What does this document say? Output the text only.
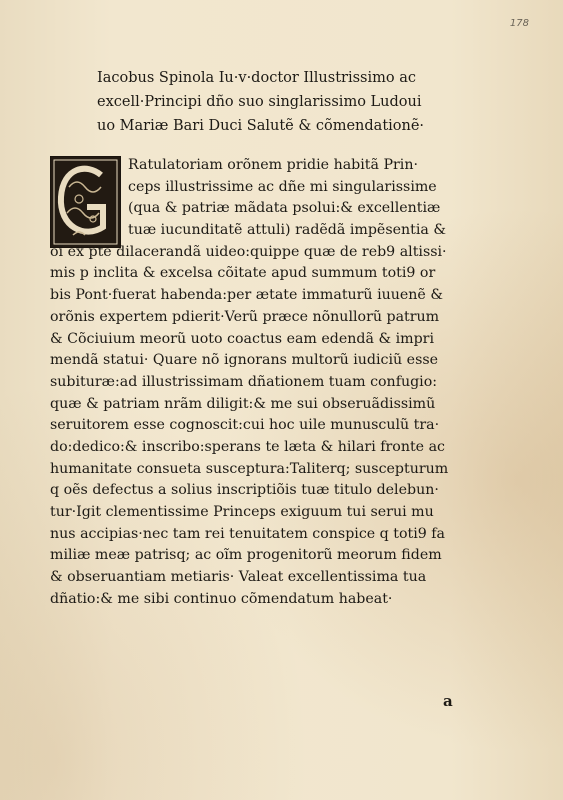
178
Iacobus Spinola Iu·v·doctor Illustrissimo ac
excell·Principi dño suo singlarissimo Ludoui
uo Mariæ Bari Duci Salutẽ & cõmendationẽ·
Ratulatoriam orõnem pridie habitã Prin·
ceps illustrissime ac dñe mi singularissime
(qua & patriæ mãdata psolui:& excellentiæ
tuæ iucunditatẽ attuli) radẽdã impẽsentia &
oĩ ex pte dilacerandã uideo:quippe quæ de reb9 altissi·
mis p inclita & excelsa cõitate apud summum toti9 or
bis Pont·fuerat habenda:per ætate immaturũ iuuenẽ &
orõnis expertem pdierit·Verũ præce nõnullorũ patrum
& Cõciuium meorũ uoto coactus eam edendã & impri
mendã statui· Quare nõ ignorans multorũ iudiciũ esse
subituræ:ad illustrissimam dñationem tuam confugio:
quæ & patriam nrãm diligit:& me sui obseruãdissimũ
seruitorem esse cognoscit:cui hoc uile munusculũ tra·
do:dedico:& inscribo:sperans te læta & hilari fronte ac
humanitate consueta susceptura:Taliterq; suscepturum
q oẽs defectus a solius inscriptiõis tuæ titulo delebun·
tur·Igit clementissime Princeps exiguum tui serui mu
nus accipias·nec tam rei tenuitatem conspice q toti9 fa
miliæ meæ patrisq; ac oĩm progenitorũ meorum fidem
& obseruantiam metiaris· Valeat excellentissima tua
dñatio:& me sibi continuo cõmendatum habeat·
a
